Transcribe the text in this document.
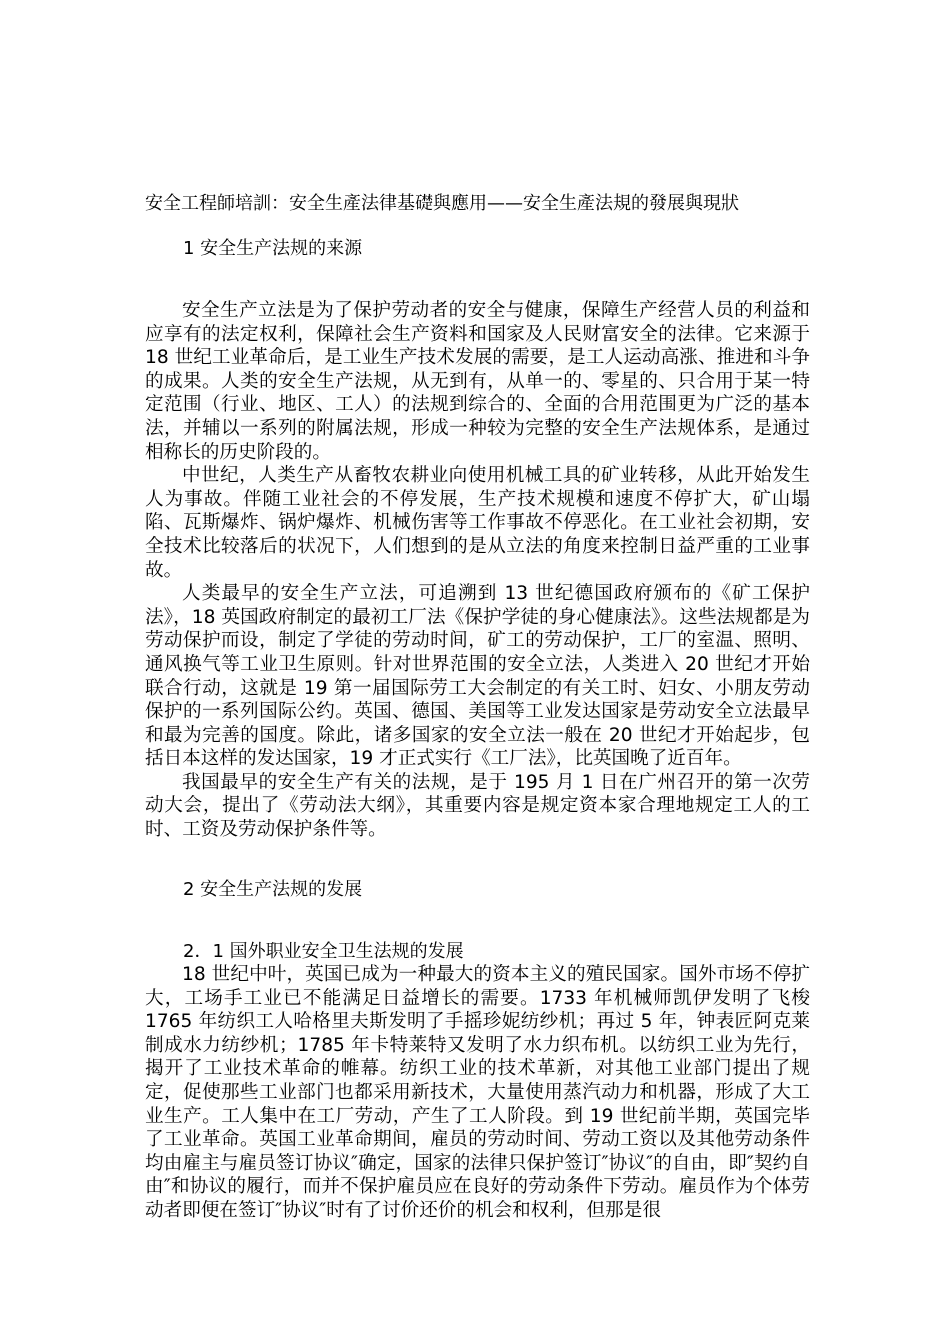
安全工程師培訓：安全生產法律基礎與應用——安全生產法規的發展與現狀
1 安全生产法规的来源

安全生产立法是为了保护劳动者的安全与健康，保障生产经营人员的利益和应享有的法定权利，保障社会生产资料和国家及人民财富安全的法律。它来源于 18 世纪工业革命后，是工业生产技术发展的需要，是工人运动高涨、推进和斗争的成果。人类的安全生产法规，从无到有，从单一的、零星的、只合用于某一特定范围（行业、地区、工人）的法规到综合的、全面的合用范围更为广泛的基本法，并辅以一系列的附属法规，形成一种较为完整的安全生产法规体系，是通过相称长的历史阶段的。

中世纪，人类生产从畜牧农耕业向使用机械工具的矿业转移，从此开始发生人为事故。伴随工业社会的不停发展，生产技术规模和速度不停扩大，矿山塌陷、瓦斯爆炸、锅炉爆炸、机械伤害等工作事故不停恶化。在工业社会初期，安全技术比较落后的状况下，人们想到的是从立法的角度来控制日益严重的工业事故。

人类最早的安全生产立法，可追溯到 13 世纪德国政府颁布的《矿工保护法》，18 英国政府制定的最初工厂法《保护学徒的身心健康法》。这些法规都是为劳动保护而设，制定了学徒的劳动时间，矿工的劳动保护，工厂的室温、照明、通风换气等工业卫生原则。针对世界范围的安全立法，人类进入 20 世纪才开始联合行动，这就是 19 第一届国际劳工大会制定的有关工时、妇女、小朋友劳动保护的一系列国际公约。英国、德国、美国等工业发达国家是劳动安全立法最早和最为完善的国度。除此，诸多国家的安全立法一般在 20 世纪才开始起步，包括日本这样的发达国家，19 才正式实行《工厂法》，比英国晚了近百年。

我国最早的安全生产有关的法规，是于 195 月 1 日在广州召开的第一次劳动大会，提出了《劳动法大纲》，其重要内容是规定资本家合理地规定工人的工时、工资及劳动保护条件等。

2 安全生产法规的发展
2．1 国外职业安全卫生法规的发展

18 世纪中叶，英国已成为一种最大的资本主义的殖民国家。国外市场不停扩大，工场手工业已不能满足日益增长的需要。1733 年机械师凯伊发明了飞梭 1765 年纺织工人哈格里夫斯发明了手摇珍妮纺纱机；再过 5 年，钟表匠阿克莱制成水力纺纱机；1785 年卡特莱特又发明了水力织布机。以纺织工业为先行，揭开了工业技术革命的帷幕。纺织工业的技术革新，对其他工业部门提出了规定，促使那些工业部门也都采用新技术，大量使用蒸汽动力和机器，形成了大工业生产。工人集中在工厂劳动，产生了工人阶段。到 19 世纪前半期，英国完毕了工业革命。英国工业革命期间，雇员的劳动时间、劳动工资以及其他劳动条件均由雇主与雇员签订协议″确定，国家的法律只保护签订″协议″的自由，即″契约自由″和协议的履行，而并不保护雇员应在良好的劳动条件下劳动。雇员作为个体劳动者即便在签订″协议″时有了讨价还价的机会和权利，但那是很
